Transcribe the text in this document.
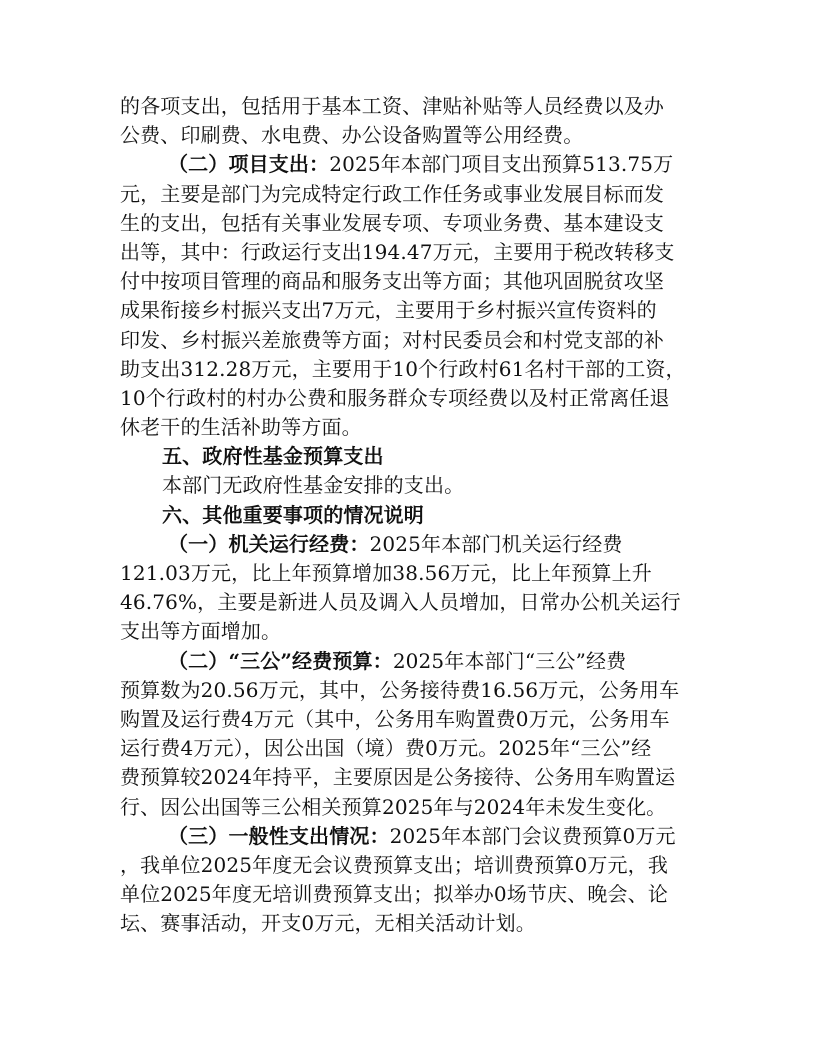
的各项支出，包括用于基本工资、津贴补贴等人员经费以及办
公费、印刷费、水电费、办公设备购置等公用经费。
（二）项目支出：2025年本部门项目支出预算513.75万
元，主要是部门为完成特定行政工作任务或事业发展目标而发
生的支出，包括有关事业发展专项、专项业务费、基本建设支
出等，其中：行政运行支出194.47万元，主要用于税改转移支
付中按项目管理的商品和服务支出等方面；其他巩固脱贫攻坚
成果衔接乡村振兴支出7万元，主要用于乡村振兴宣传资料的
印发、乡村振兴差旅费等方面；对村民委员会和村党支部的补
助支出312.28万元，主要用于10个行政村61名村干部的工资，
10个行政村的村办公费和服务群众专项经费以及村正常离任退
休老干的生活补助等方面。
五、政府性基金预算支出
本部门无政府性基金安排的支出。
六、其他重要事项的情况说明
（一）机关运行经费：2025年本部门机关运行经费
121.03万元，比上年预算增加38.56万元，比上年预算上升
46.76%，主要是新进人员及调入人员增加，日常办公机关运行
支出等方面增加。
（二）“三公”经费预算：2025年本部门“三公”经费
预算数为20.56万元，其中，公务接待费16.56万元，公务用车
购置及运行费4万元（其中，公务用车购置费0万元，公务用车
运行费4万元），因公出国（境）费0万元。2025年“三公”经
费预算较2024年持平，主要原因是公务接待、公务用车购置运
行、因公出国等三公相关预算2025年与2024年未发生变化。
（三）一般性支出情况：2025年本部门会议费预算0万元
，我单位2025年度无会议费预算支出；培训费预算0万元，我
单位2025年度无培训费预算支出；拟举办0场节庆、晚会、论
坛、赛事活动，开支0万元，无相关活动计划。
